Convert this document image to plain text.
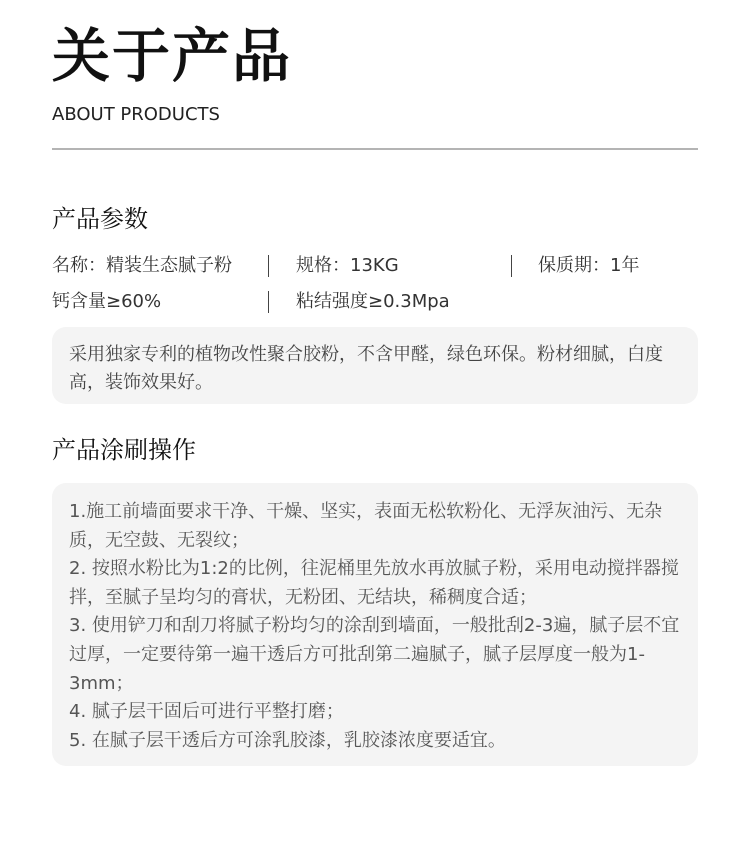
关于产品
ABOUT PRODUCTS
产品参数
名称：精装生态腻子粉	规格：13KG	保质期：1年
钙含量≥60%	粘结强度≥0.3Mpa
采用独家专利的植物改性聚合胶粉，不含甲醛，绿色环保。粉材细腻，白度高，装饰效果好。
产品涂刷操作
1.施工前墙面要求干净、干燥、坚实，表面无松软粉化、无浮灰油污、无杂质，无空鼓、无裂纹；
2. 按照水粉比为1:2的比例，往泥桶里先放水再放腻子粉，采用电动搅拌器搅拌，至腻子呈均匀的膏状，无粉团、无结块，稀稠度合适；
3. 使用铲刀和刮刀将腻子粉均匀的涂刮到墙面，一般批刮2-3遍，腻子层不宜过厚，一定要待第一遍干透后方可批刮第二遍腻子，腻子层厚度一般为1-3mm；
4. 腻子层干固后可进行平整打磨；
5. 在腻子层干透后方可涂乳胶漆，乳胶漆浓度要适宜。
